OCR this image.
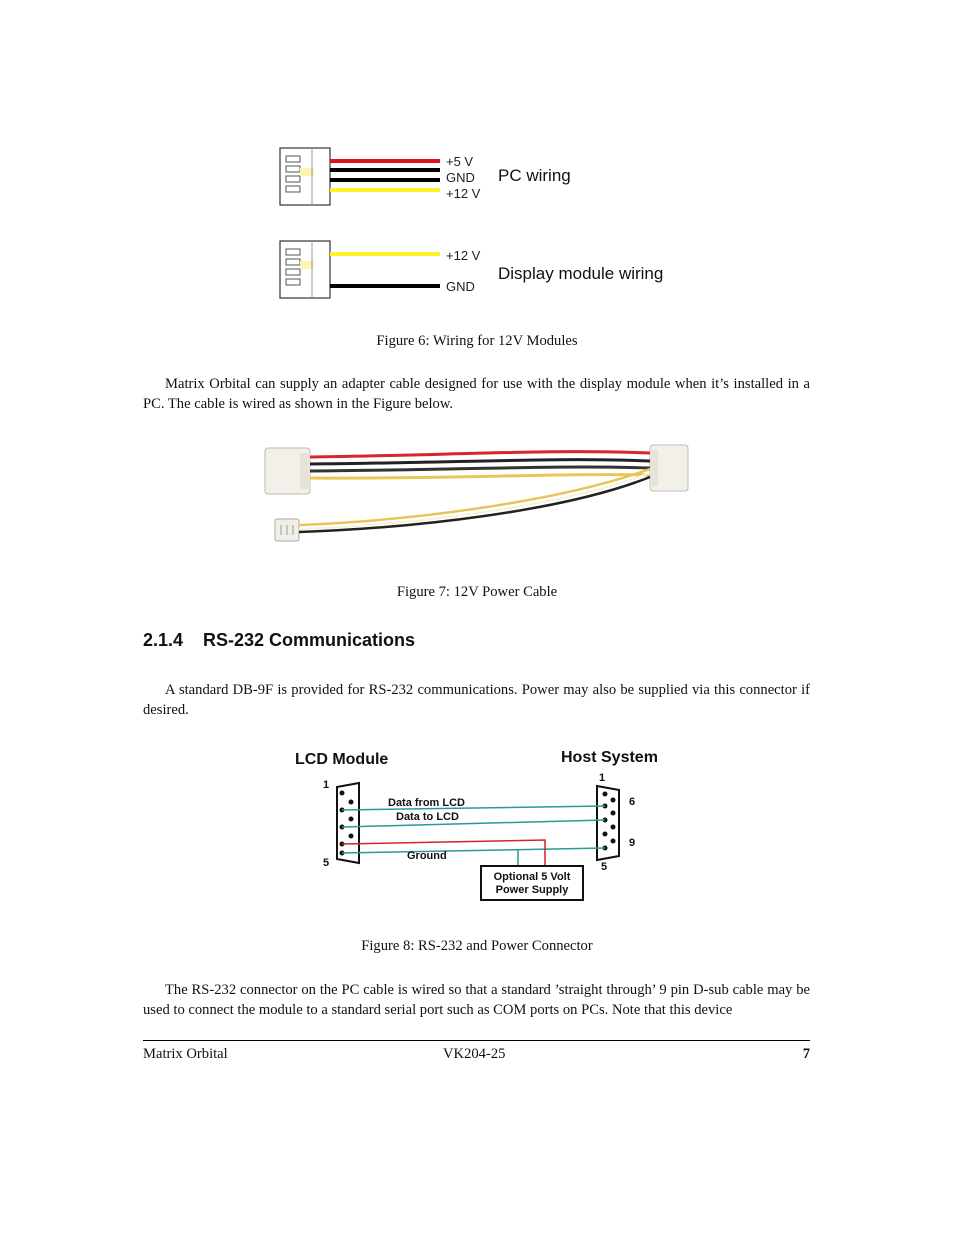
+5 V
GND
+12 V
PC wiring
+12 V
GND
Display module wiring
Figure 6: Wiring for 12V Modules

Matrix Orbital can supply an adapter cable designed for use with the display module when it’s installed in a PC. The cable is wired as shown in the Figure below.

Figure 7: 12V Power Cable
2.1.4 RS-232 Communications

A standard DB-9F is provided for RS-232 communications. Power may also be supplied via this connector if desired.

LCD Module	Host System
1
5
1
6
9
5
Data from LCD
Data to LCD
Ground
Optional 5 Volt
Power Supply
Figure 8: RS-232 and Power Connector

The RS-232 connector on the PC cable is wired so that a standard ’straight through’ 9 pin D-sub cable may be used to connect the module to a standard serial port such as COM ports on PCs. Note that this device

Matrix Orbital	VK204-25	7
